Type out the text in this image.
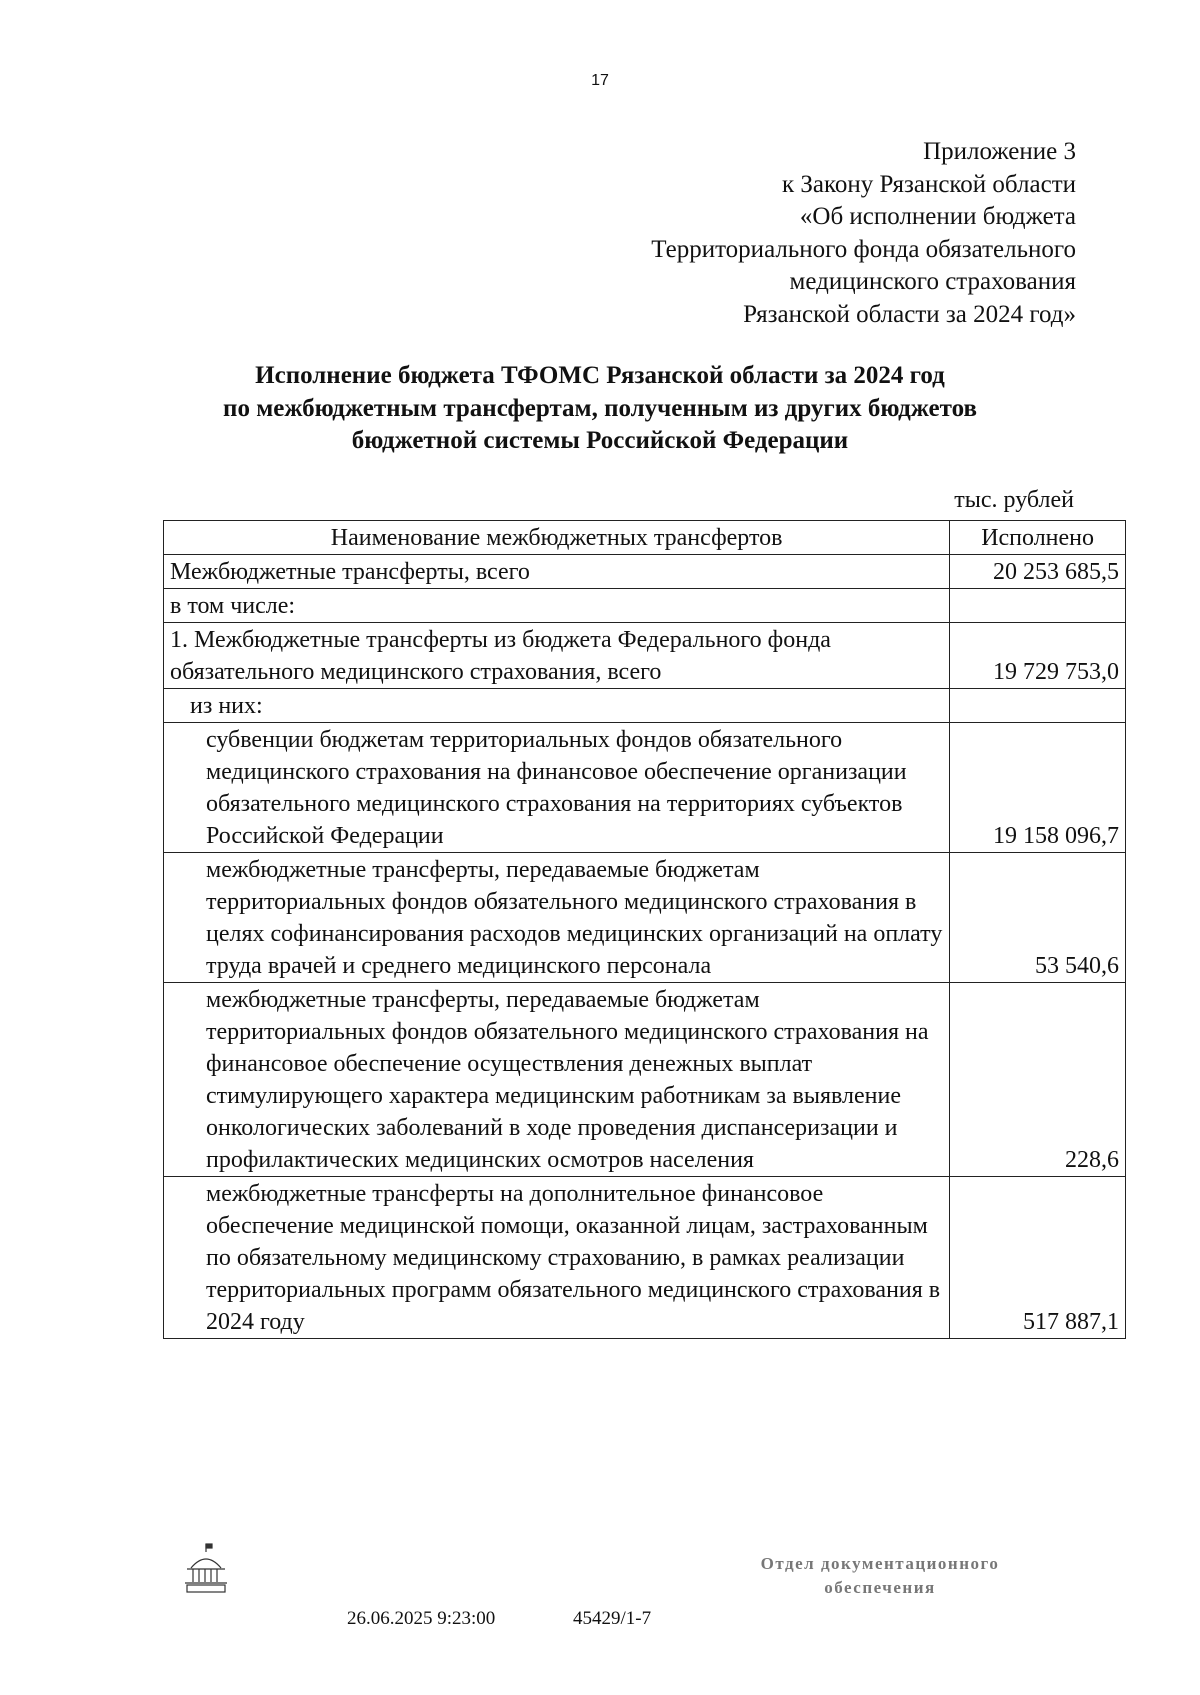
17
Приложение 3
к Закону Рязанской области
«Об исполнении бюджета
Территориального фонда обязательного
медицинского страхования
Рязанской области за 2024 год»
Исполнение бюджета ТФОМС Рязанской области за 2024 год
по межбюджетным трансфертам, полученным из других бюджетов
бюджетной системы Российской Федерации
тыс. рублей
Наименование межбюджетных трансфертов	Исполнено
Межбюджетные трансферты, всего	20 253 685,5
в том числе:	
1. Межбюджетные трансферты из бюджета Федерального фонда обязательного медицинского страхования, всего	19 729 753,0
из них:	
субвенции бюджетам территориальных фондов обязательного медицинского страхования на финансовое обеспечение организации обязательного медицинского страхования на территориях субъектов Российской Федерации	19 158 096,7
межбюджетные трансферты, передаваемые бюджетам территориальных фондов обязательного медицинского страхования в целях софинансирования расходов медицинских организаций на оплату труда врачей и среднего медицинского персонала	53 540,6
межбюджетные трансферты, передаваемые бюджетам территориальных фондов обязательного медицинского страхования на финансовое обеспечение осуществления денежных выплат стимулирующего характера медицинским работникам за выявление онкологических заболеваний в ходе проведения диспансеризации и профилактических медицинских осмотров населения	228,6
межбюджетные трансферты на дополнительное финансовое обеспечение медицинской помощи, оказанной лицам, застрахованным по обязательному медицинскому страхованию, в рамках реализации территориальных программ обязательного медицинского страхования в 2024 году	517 887,1
26.06.2025 9:23:00	45429/1-7
Отдел документационного
обеспечения
